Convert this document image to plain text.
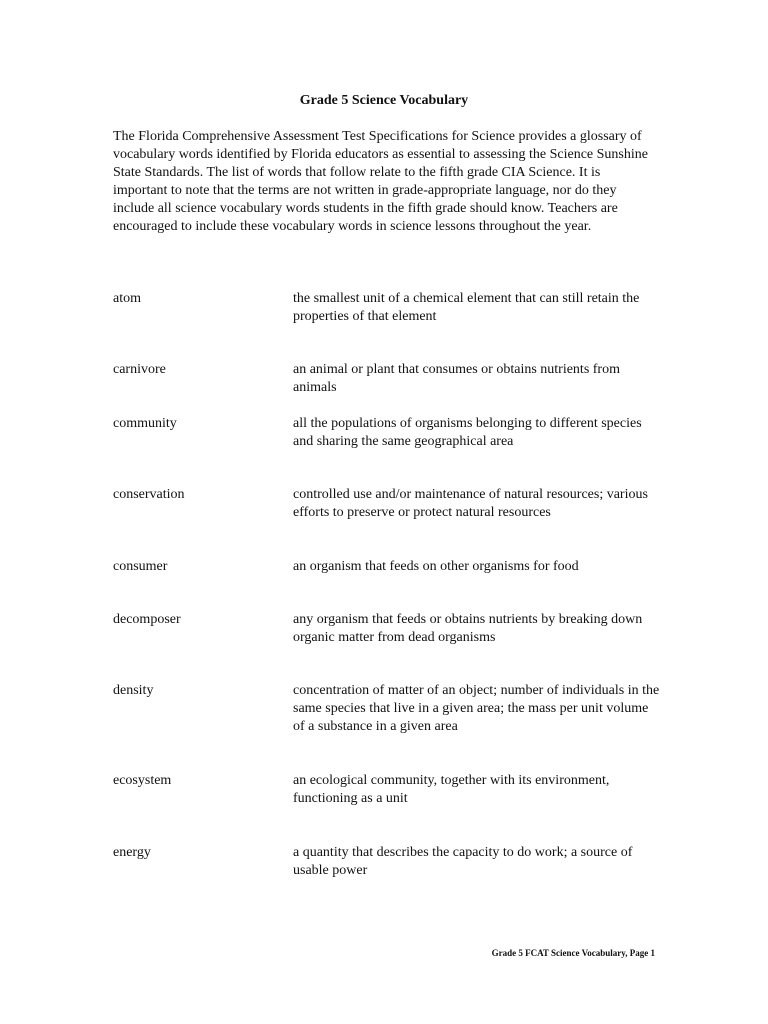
Grade 5 Science Vocabulary
The Florida Comprehensive Assessment Test Specifications for Science provides a glossary of vocabulary words identified by Florida educators as essential to assessing the Science Sunshine State Standards. The list of words that follow relate to the fifth grade CIA Science. It is important to note that the terms are not written in grade-appropriate language, nor do they include all science vocabulary words students in the fifth grade should know. Teachers are encouraged to include these vocabulary words in science lessons throughout the year.
atom	the smallest unit of a chemical element that can still retain the properties of that element
carnivore	an animal or plant that consumes or obtains nutrients from animals
community	all the populations of organisms belonging to different species and sharing the same geographical area
conservation	controlled use and/or maintenance of natural resources; various efforts to preserve or protect natural resources
consumer	an organism that feeds on other organisms for food
decomposer	any organism that feeds or obtains nutrients by breaking down organic matter from dead organisms
density	concentration of matter of an object; number of individuals in the same species that live in a given area; the mass per unit volume of a substance in a given area
ecosystem	an ecological community, together with its environment, functioning as a unit
energy	a quantity that describes the capacity to do work; a source of usable power
Grade 5 FCAT Science Vocabulary, Page 1
